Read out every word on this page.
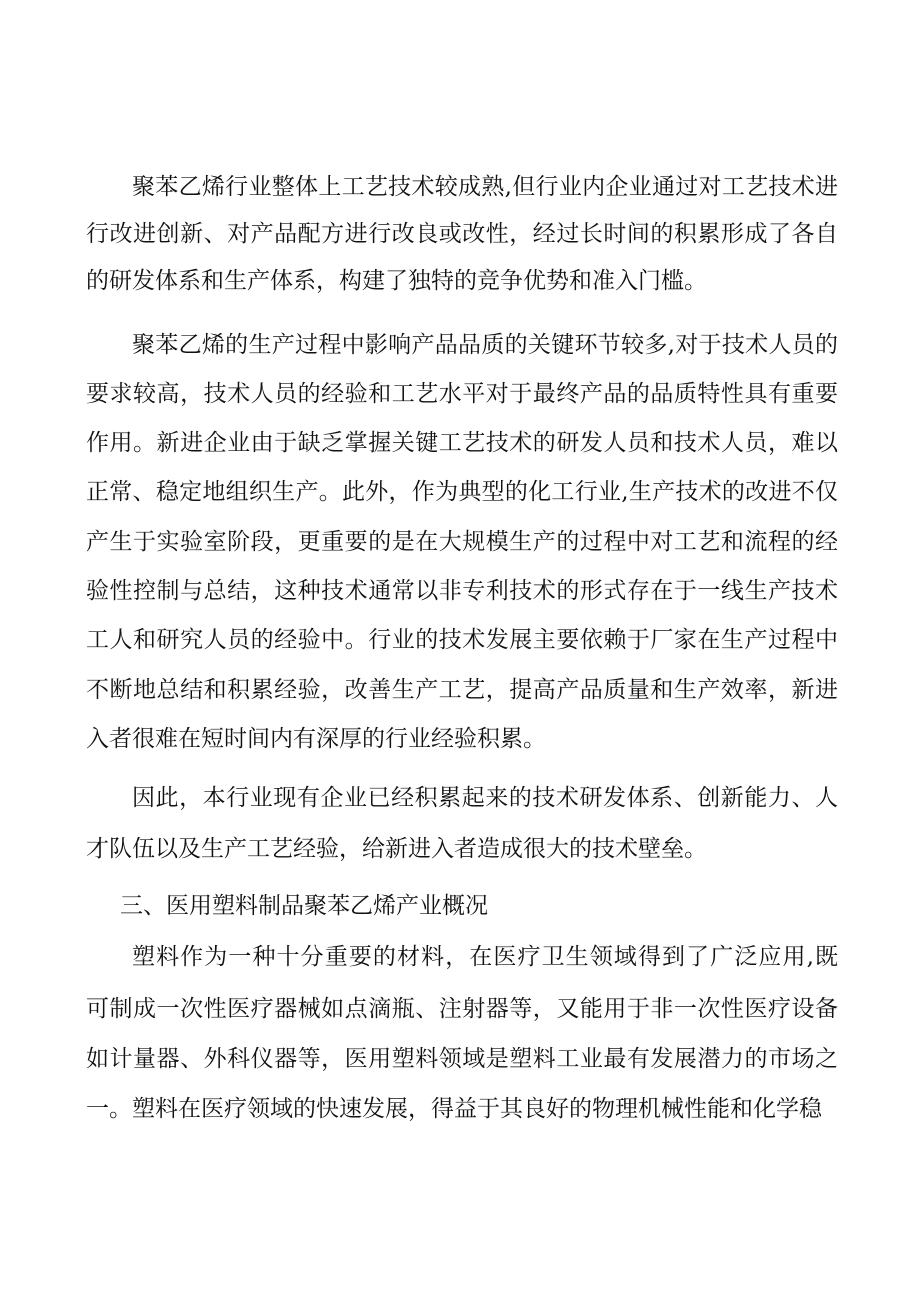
聚苯乙烯行业整体上工艺技术较成熟,但行业内企业通过对工艺技术进
行改进创新、对产品配方进行改良或改性，经过长时间的积累形成了各自
的研发体系和生产体系，构建了独特的竞争优势和准入门槛。
聚苯乙烯的生产过程中影响产品品质的关键环节较多,对于技术人员的
要求较高，技术人员的经验和工艺水平对于最终产品的品质特性具有重要
作用。新进企业由于缺乏掌握关键工艺技术的研发人员和技术人员，难以
正常、稳定地组织生产。此外，作为典型的化工行业,生产技术的改进不仅
产生于实验室阶段，更重要的是在大规模生产的过程中对工艺和流程的经
验性控制与总结，这种技术通常以非专利技术的形式存在于一线生产技术
工人和研究人员的经验中。行业的技术发展主要依赖于厂家在生产过程中
不断地总结和积累经验，改善生产工艺，提高产品质量和生产效率，新进
入者很难在短时间内有深厚的行业经验积累。
因此，本行业现有企业已经积累起来的技术研发体系、创新能力、人
才队伍以及生产工艺经验，给新进入者造成很大的技术壁垒。
三、医用塑料制品聚苯乙烯产业概况
塑料作为一种十分重要的材料，在医疗卫生领域得到了广泛应用,既
可制成一次性医疗器械如点滴瓶、注射器等，又能用于非一次性医疗设备
如计量器、外科仪器等，医用塑料领域是塑料工业最有发展潜力的市场之
一。塑料在医疗领域的快速发展，得益于其良好的物理机械性能和化学稳
